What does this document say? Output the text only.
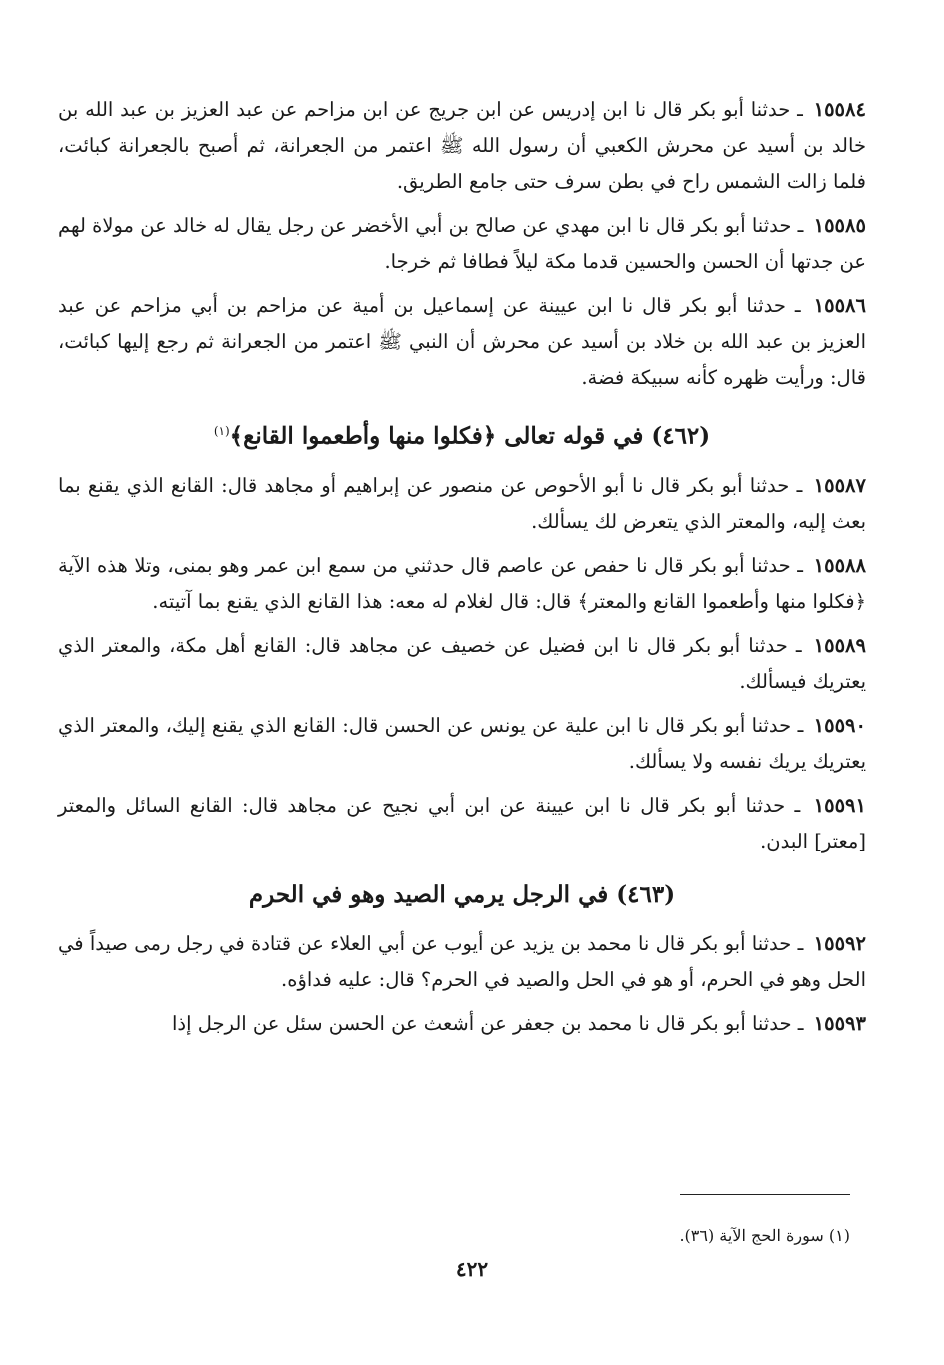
١٥٥٨٤ ـ حدثنا أبو بكر قال نا ابن إدريس عن ابن جريج عن ابن مزاحم عن عبد العزيز بن عبد الله بن خالد بن أسيد عن محرش الكعبي أن رسول الله ﷺ اعتمر من الجعرانة، ثم أصبح بالجعرانة كبائت، فلما زالت الشمس راح في بطن سرف حتى جامع الطريق.

١٥٥٨٥ ـ حدثنا أبو بكر قال نا ابن مهدي عن صالح بن أبي الأخضر عن رجل يقال له خالد عن مولاة لهم عن جدتها أن الحسن والحسين قدما مكة ليلاً فطافا ثم خرجا.

١٥٥٨٦ ـ حدثنا أبو بكر قال نا ابن عيينة عن إسماعيل بن أمية عن مزاحم بن أبي مزاحم عن عبد العزيز بن عبد الله بن خلاد بن أسيد عن محرش أن النبي ﷺ اعتمر من الجعرانة ثم رجع إليها كبائت، قال: ورأيت ظهره كأنه سبيكة فضة.

(٤٦٢) في قوله تعالى ﴿فكلوا منها وأطعموا القانع﴾$^{(١)}$

١٥٥٨٧ ـ حدثنا أبو بكر قال نا أبو الأحوص عن منصور عن إبراهيم أو مجاهد قال: القانع الذي يقنع بما بعث إليه، والمعتر الذي يتعرض لك يسألك.

١٥٥٨٨ ـ حدثنا أبو بكر قال نا حفص عن عاصم قال حدثني من سمع ابن عمر وهو بمنى، وتلا هذه الآية ﴿فكلوا منها وأطعموا القانع والمعتر﴾ قال: قال لغلام له معه: هذا القانع الذي يقنع بما آتيته.

١٥٥٨٩ ـ حدثنا أبو بكر قال نا ابن فضيل عن خصيف عن مجاهد قال: القانع أهل مكة، والمعتر الذي يعتريك فيسألك.

١٥٥٩٠ ـ حدثنا أبو بكر قال نا ابن علية عن يونس عن الحسن قال: القانع الذي يقنع إليك، والمعتر الذي يعتريك يريك نفسه ولا يسألك.

١٥٥٩١ ـ حدثنا أبو بكر قال نا ابن عيينة عن ابن أبي نجيح عن مجاهد قال: القانع السائل والمعتر [معتر] البدن.

(٤٦٣) في الرجل يرمي الصيد وهو في الحرم

١٥٥٩٢ ـ حدثنا أبو بكر قال نا محمد بن يزيد عن أيوب عن أبي العلاء عن قتادة في رجل رمى صيداً في الحل وهو في الحرم، أو هو في الحل والصيد في الحرم؟ قال: عليه فداؤه.

١٥٥٩٣ ـ حدثنا أبو بكر قال نا محمد بن جعفر عن أشعث عن الحسن سئل عن الرجل إذا

(١) سورة الحج الآية (٣٦).
٤٢٢
